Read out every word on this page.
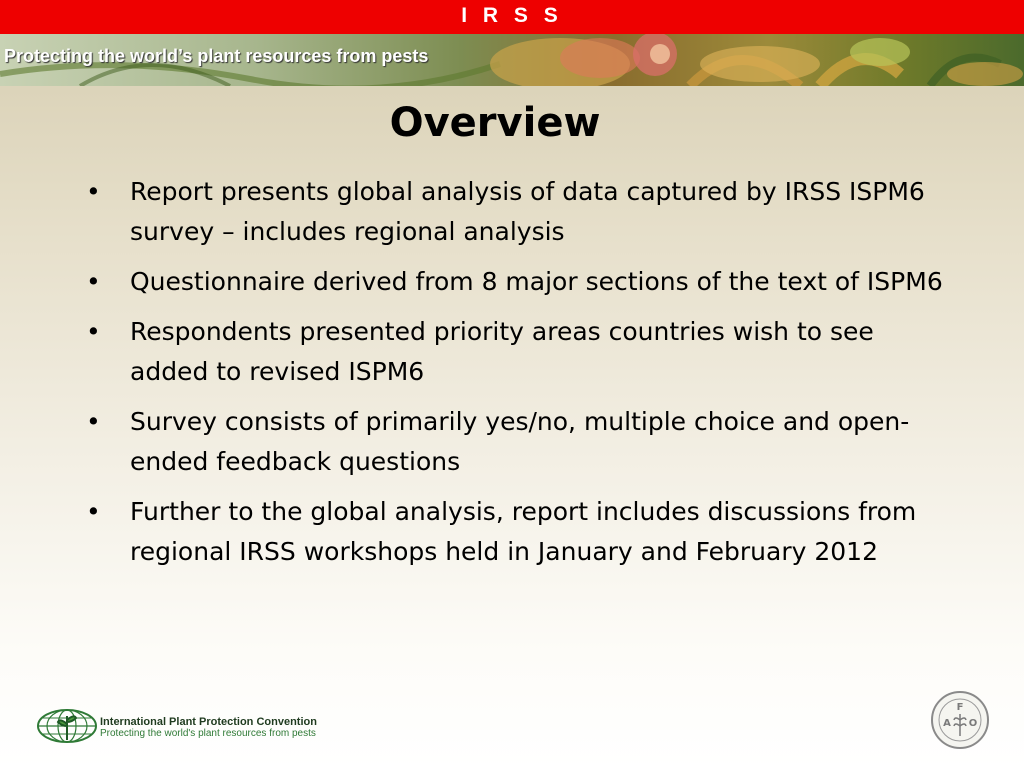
I R S S
Protecting the world’s plant resources from pests
Overview
• Report presents global analysis of data captured by IRSS ISPM6 survey – includes regional analysis
• Questionnaire derived from 8 major sections of the text of ISPM6
• Respondents presented priority areas countries wish to see added to revised ISPM6
• Survey consists of primarily yes/no, multiple choice and open-ended feedback questions
• Further to the global analysis, report includes discussions from regional IRSS workshops held in January and February 2012
International Plant Protection Convention
Protecting the world's plant resources from pests
F
A O
